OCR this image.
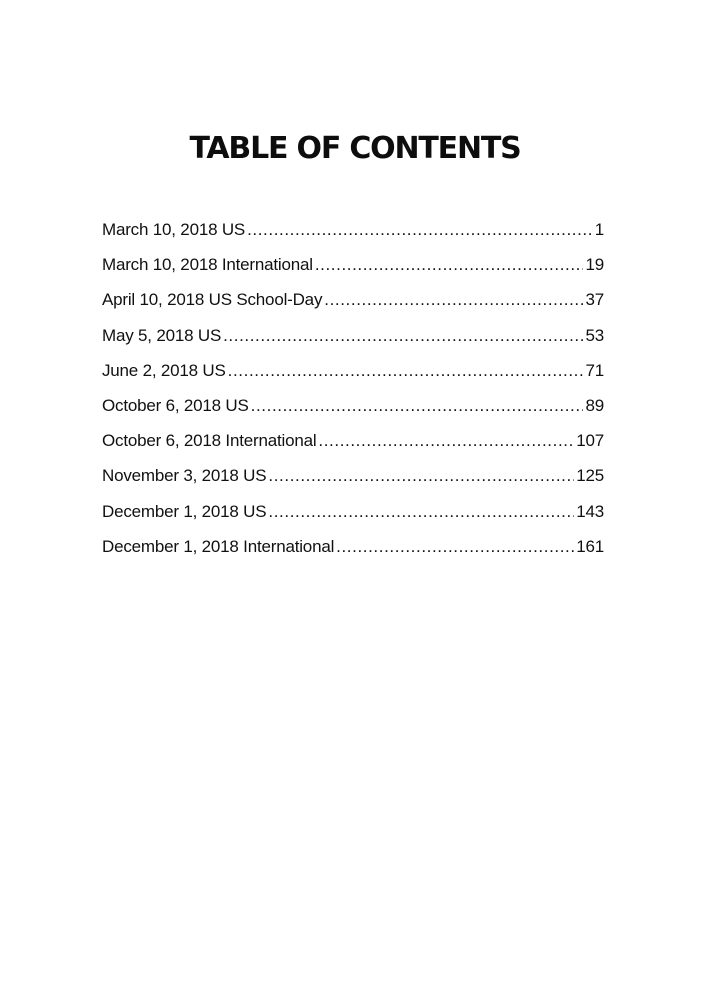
TABLE OF CONTENTS
March 10, 2018 US .....	1
March 10, 2018 International .....	19
April 10, 2018 US School-Day .....	37
May 5, 2018 US .....	53
June 2, 2018 US .....	71
October 6, 2018 US .....	89
October 6, 2018 International .....	107
November 3, 2018 US .....	125
December 1, 2018 US .....	143
December 1, 2018 International .....	161
